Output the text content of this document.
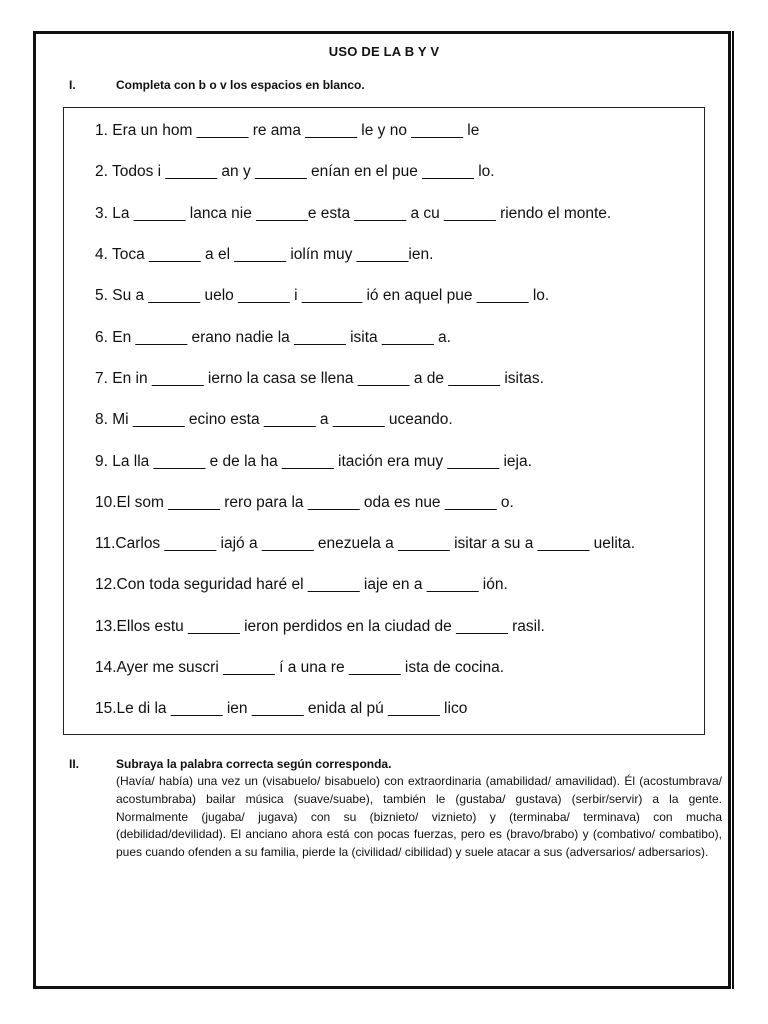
USO DE LA B Y V
I.	Completa con b o v los espacios en blanco.
1. Era un hom ______ re ama ______ le y no ______ le
2. Todos i ______ an y ______ enían en el pue ______ lo.
3. La ______ lanca nie ______e esta ______ a cu ______ riendo el monte.
4. Toca ______ a el ______ iolín muy ______ien.
5. Su a ______ uelo ______ i _______ ió en aquel pue ______ lo.
6. En ______ erano nadie la ______ isita ______ a.
7. En in ______ ierno la casa se llena ______ a de ______ isitas.
8. Mi ______ ecino esta ______ a ______ uceando.
9. La lla ______ e de la ha ______ itación era muy ______ ieja.
10.El som ______ rero para la ______ oda es nue ______ o.
11.Carlos ______ iajó a ______ enezuela a ______ isitar a su a ______ uelita.
12.Con toda seguridad haré el ______ iaje en a ______ ión.
13.Ellos estu ______ ieron perdidos en la ciudad de ______ rasil.
14.Ayer me suscri ______ í a una re ______ ista de cocina.
15.Le di la ______ ien ______ enida al pú ______ lico
II.	Subraya la palabra correcta según corresponda.
(Havía/ había) una vez un (visabuelo/ bisabuelo) con extraordinaria (amabilidad/ amavilidad). Él (acostumbrava/ acostumbraba) bailar música (suave/suabe), también le (gustaba/ gustava) (serbir/servir) a la gente. Normalmente (jugaba/ jugava) con su (biznieto/ viznieto) y (terminaba/ terminava) con mucha (debilidad/devilidad). El anciano ahora está con pocas fuerzas, pero es (bravo/brabo) y (combativo/ combatibo), pues cuando ofenden a su familia, pierde la (civilidad/ cibilidad) y suele atacar a sus (adversarios/ adbersarios).
